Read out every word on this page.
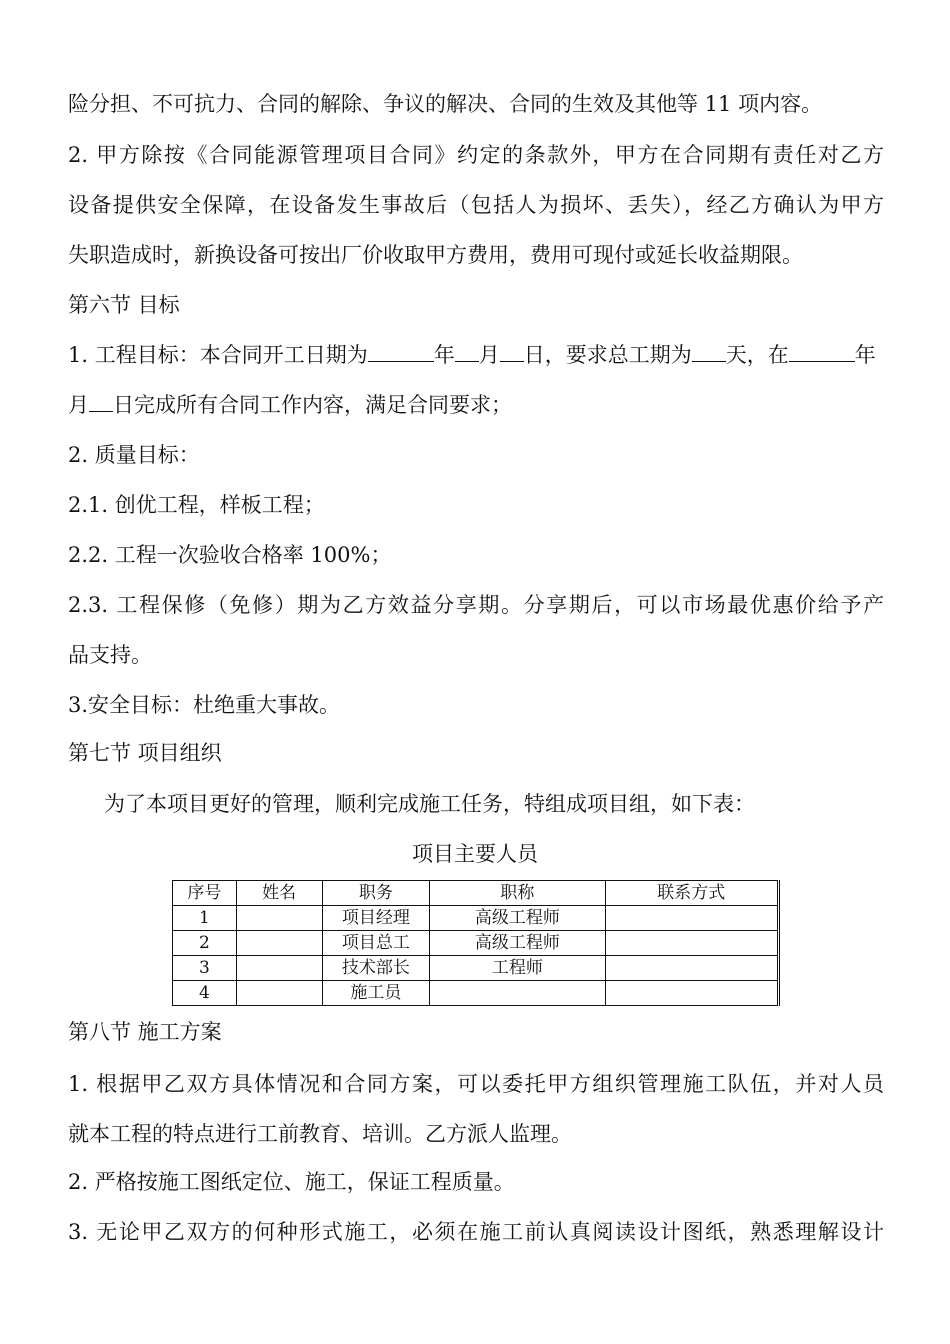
险分担、不可抗力、合同的解除、争议的解决、合同的生效及其他等 11 项内容。
2. 甲方除按《合同能源管理项目合同》约定的条款外，甲方在合同期有责任对乙方
设备提供安全保障，在设备发生事故后（包括人为损坏、丢失），经乙方确认为甲方
失职造成时，新换设备可按出厂价收取甲方费用，费用可现付或延长收益期限。
第六节 目标
1. 工程目标：本合同开工日期为	年 月 日，要求总工期为 天，在	年
月 日完成所有合同工作内容，满足合同要求；
2. 质量目标：
2.1. 创优工程，样板工程；
2.2. 工程一次验收合格率 100%；
2.3. 工程保修（免修）期为乙方效益分享期。分享期后，可以市场最优惠价给予产
品支持。
3.安全目标：杜绝重大事故。
第七节 项目组织
为了本项目更好的管理，顺利完成施工任务，特组成项目组，如下表：
项目主要人员
序号	姓名	职务	职称	联系方式
1		项目经理	高级工程师	
2		项目总工	高级工程师	
3		技术部长	工程师	
4		施工员		
第八节 施工方案
1. 根据甲乙双方具体情况和合同方案，可以委托甲方组织管理施工队伍，并对人员
就本工程的特点进行工前教育、培训。乙方派人监理。
2. 严格按施工图纸定位、施工，保证工程质量。
3. 无论甲乙双方的何种形式施工，必须在施工前认真阅读设计图纸，熟悉理解设计
